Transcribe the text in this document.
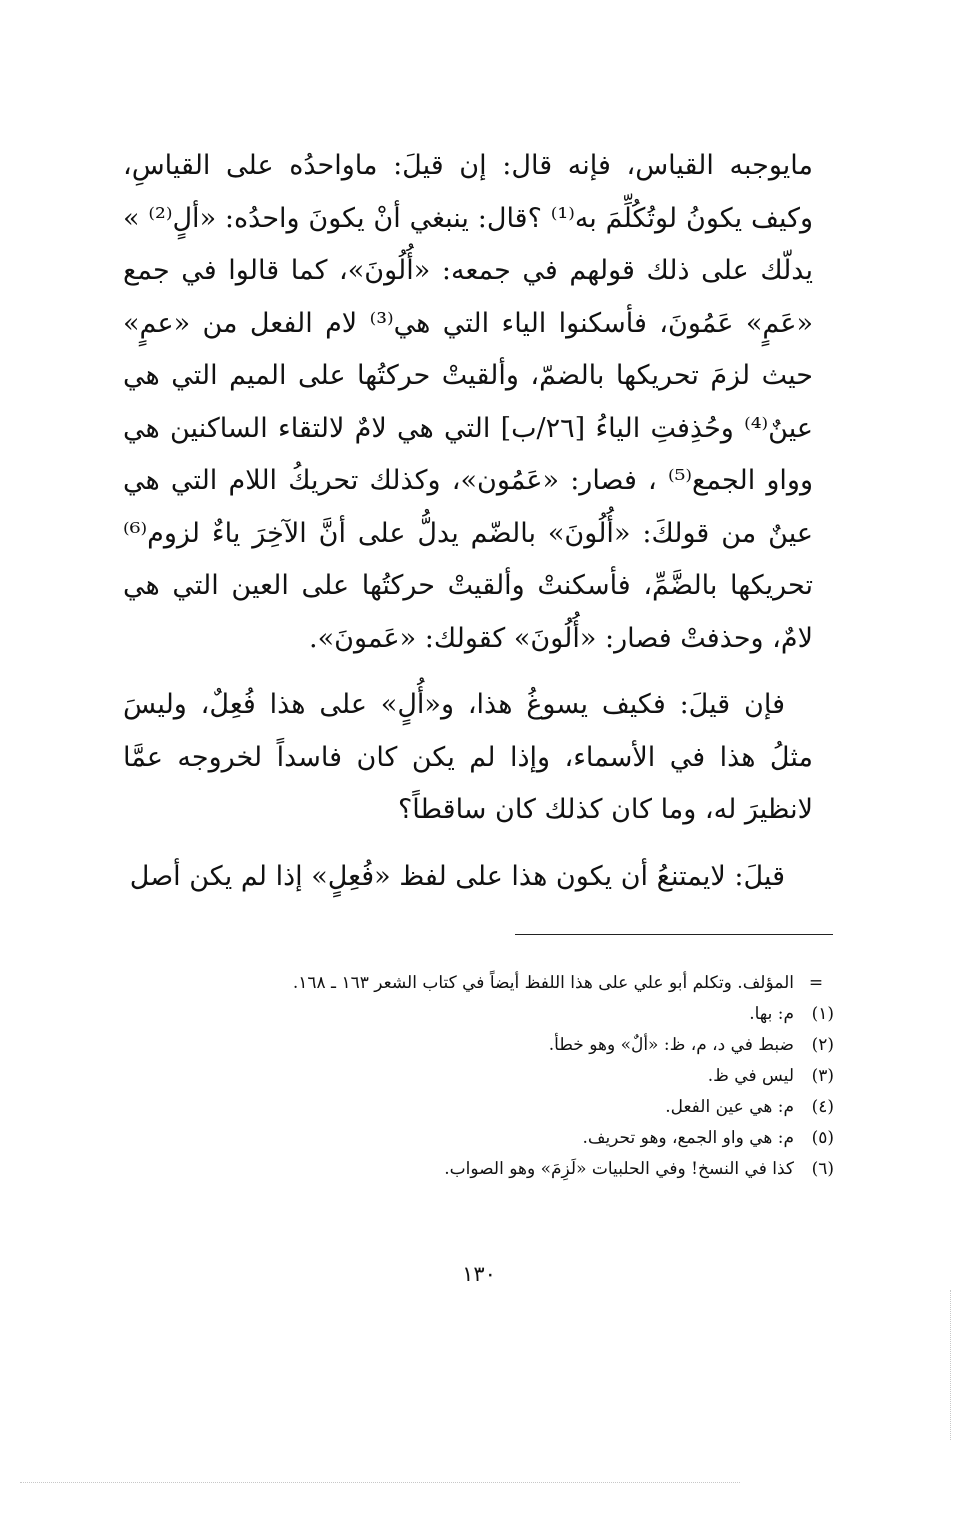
مايوجبه القياس، فإنه قال: إن قيلَ: ماواحدُه على القياسِ، وكيف يكونُ لوتُكُلِّمَ به⁽¹⁾ ؟قال: ينبغي أنْ يكونَ واحدُه: «ألٍ⁽²⁾ » يدلّك على ذلك قولهم في جمعه: «أُلُونَ»، كما قالوا في جمع «عَمٍ» عَمُونَ، فأسكنوا الياء التي هي⁽³⁾ لام الفعل من «عمٍ» حيث لزمَ تحريكها بالضمّ، وألقيتْ حركتُها على الميم التي هي عينٌ⁽⁴⁾ وحُذِفتِ الياءُ [٢٦/ب] التي هي لامٌ لالتقاء الساكنين هي وواو الجمع⁽⁵⁾ ، فصار: «عَمُون»، وكذلك تحريكُ اللام التي هي عينٌ من قولكَ: «أُلُونَ» بالضّم يدلُّ على أنَّ الآخِرَ ياءٌ لزوم⁽⁶⁾ تحريكها بالضَّمِّ، فأسكنتْ وألقيتْ حركتُها على العين التي هي لامٌ، وحذفتْ فصار: «أُلُونَ» كقولك: «عَمونَ».

فإن قيلَ: فكيف يسوغُ هذا، و«أُلٍ» على هذا فُعِلٌ، وليسَ مثلُ هذا في الأسماء، وإذا لم يكن كان فاسداً لخروجه عمَّا لانظيرَ له، وما كان كذلك كان ساقطاً؟

قيلَ: لايمتنعُ أن يكون هذا على لفظ «فُعِلٍ» إذا لم يكن أصل

=
المؤلف. وتكلم أبو علي على هذا اللفظ أيضاً في كتاب الشعر ١٦٣ ـ ١٦٨.
(١)
م: بها.
(٢)
ضبط في د، م، ظ: «ألٌ» وهو خطأ.
(٣)
ليس في ظ.
(٤)
م: هي عين الفعل.
(٥)
م: هي واو الجمع، وهو تحريف.
(٦)
كذا في النسخ! وفي الحلبيات «لَزِمَ» وهو الصواب.
١٣٠
